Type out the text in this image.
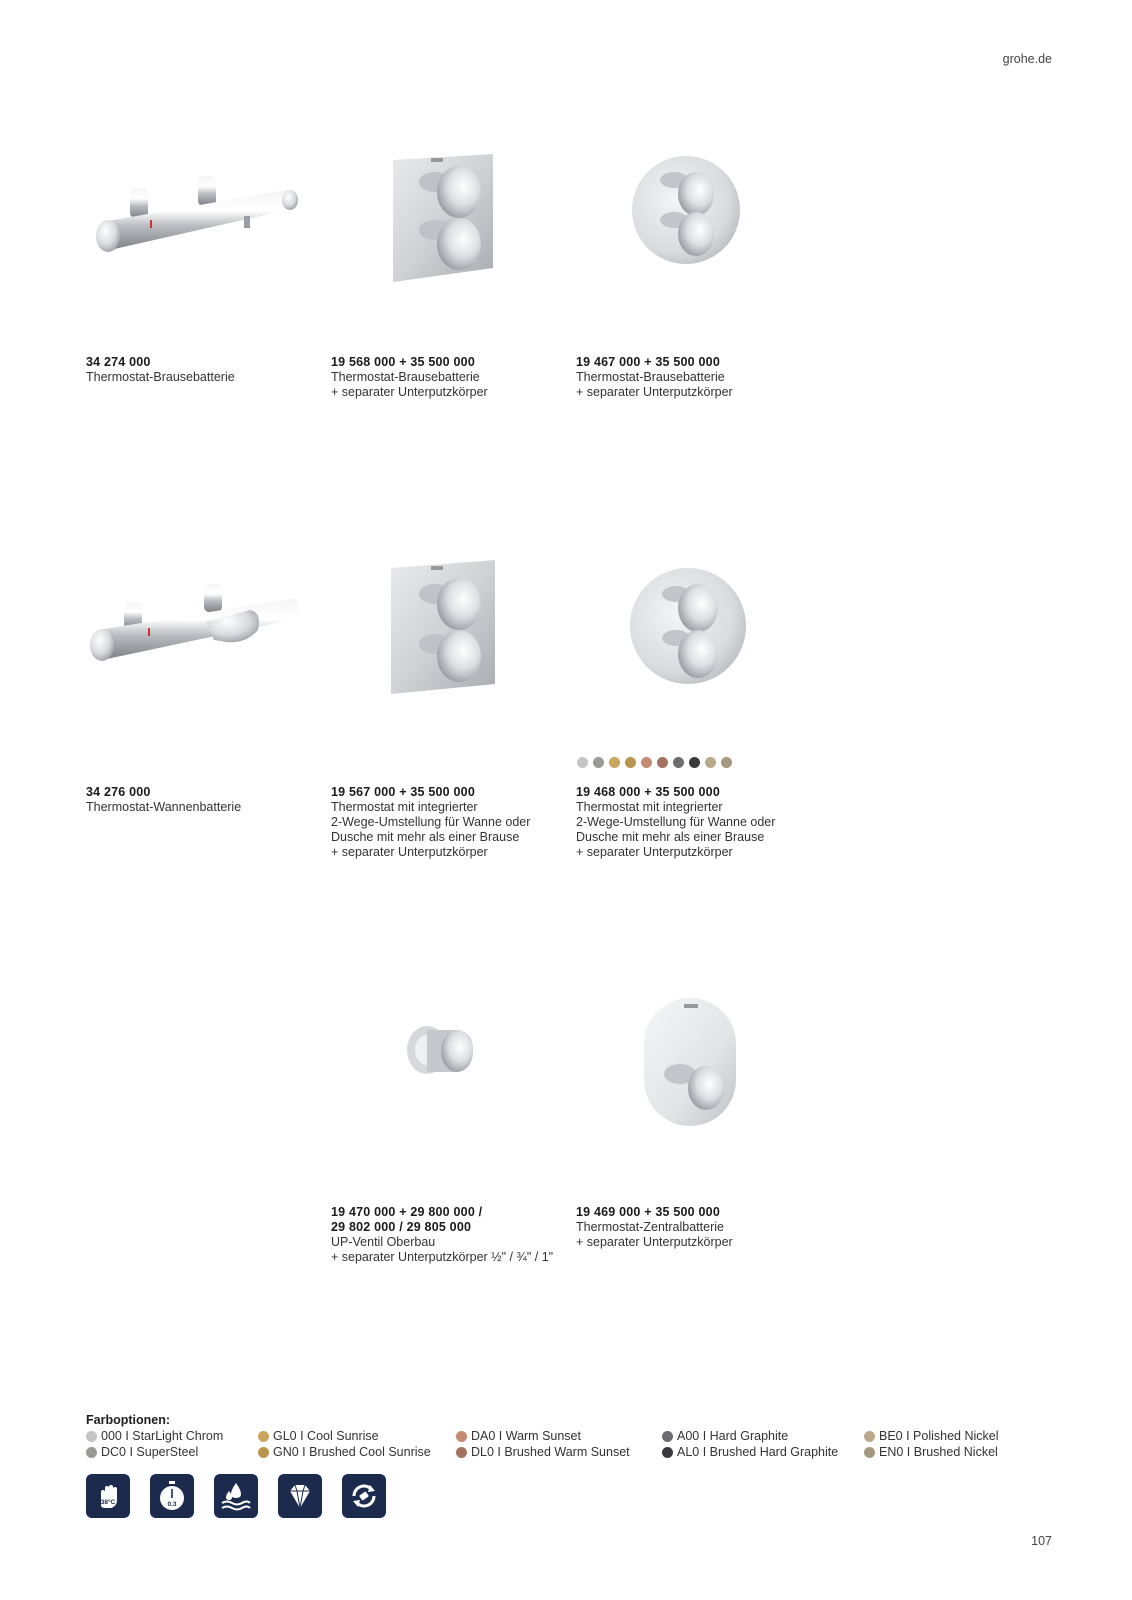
grohe.de
34 274 000
Thermostat-Brausebatterie
19 568 000 + 35 500 000
Thermostat-Brausebatterie
+ separater Unterputzkörper
19 467 000 + 35 500 000
Thermostat-Brausebatterie
+ separater Unterputzkörper
34 276 000
Thermostat-Wannenbatterie
19 567 000 + 35 500 000
Thermostat mit integrierter
2-Wege-Umstellung für Wanne oder
Dusche mit mehr als einer Brause
+ separater Unterputzkörper
19 468 000 + 35 500 000
Thermostat mit integrierter
2-Wege-Umstellung für Wanne oder
Dusche mit mehr als einer Brause
+ separater Unterputzkörper
19 470 000 + 29 800 000 /
29 802 000 / 29 805 000
UP-Ventil Oberbau
+ separater Unterputzkörper ½" / ¾" / 1"
19 469 000 + 35 500 000
Thermostat-Zentralbatterie
+ separater Unterputzkörper
Farboptionen:
000 I StarLight Chrom
DC0 I SuperSteel
GL0 I Cool Sunrise
GN0 I Brushed Cool Sunrise
DA0 I Warm Sunset
DL0 I Brushed Warm Sunset
A00 I Hard Graphite
AL0 I Brushed Hard Graphite
BE0 I Polished Nickel
EN0 I Brushed Nickel
38°C	0.3
107
